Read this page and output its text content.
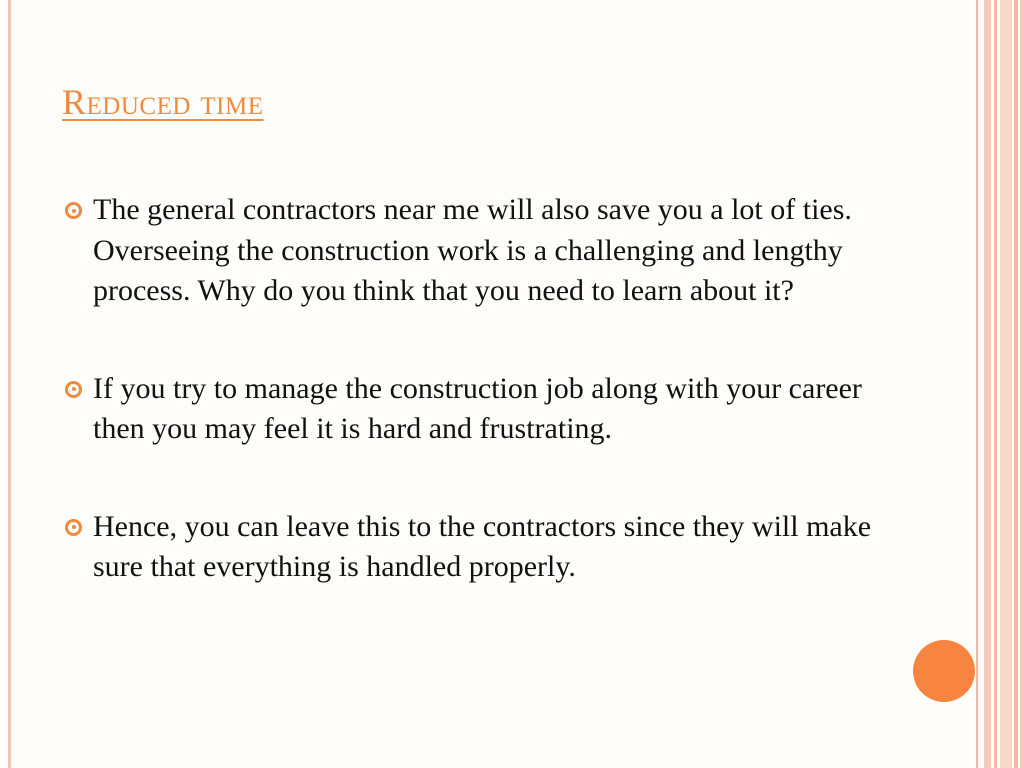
Reduced time
The general contractors near me will also save you a lot of ties. Overseeing the construction work is a challenging and lengthy process. Why do you think that you need to learn about it?
If you try to manage the construction job along with your career then you may feel it is hard and frustrating.
Hence, you can leave this to the contractors since they will make sure that everything is handled properly.
